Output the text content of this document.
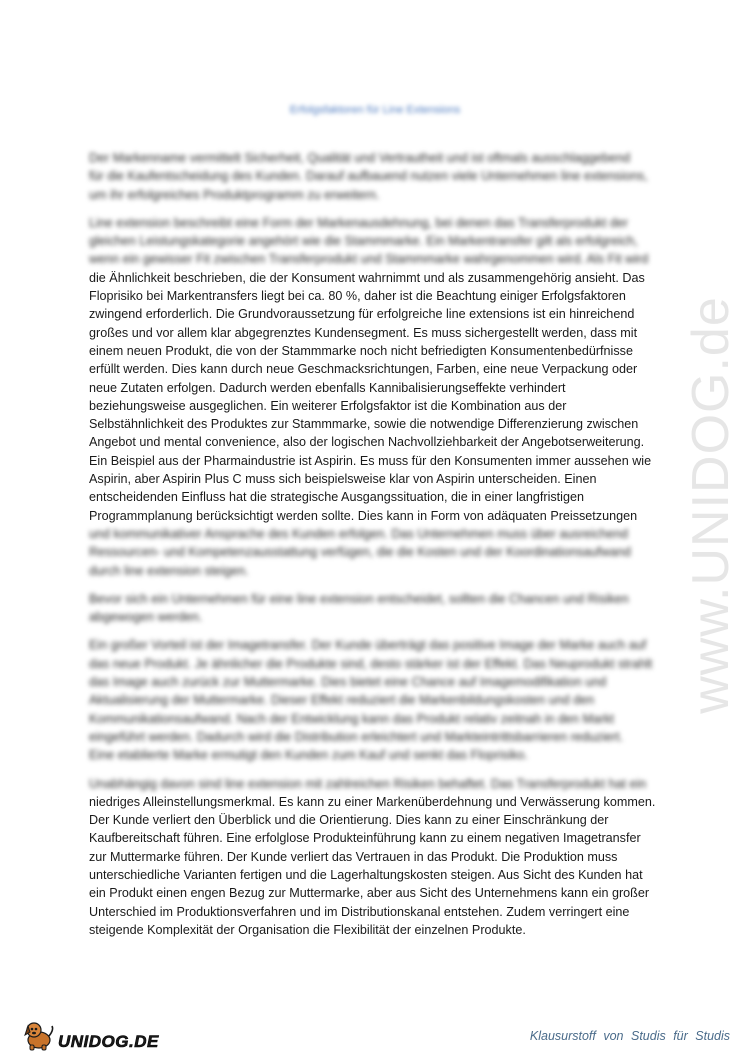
Erfolgsfaktoren für Line Extensions

Der Markenname vermittelt Sicherheit, Qualität und Vertrautheit und ist oftmals ausschlaggebend
für die Kaufentscheidung des Kunden. Darauf aufbauend nutzen viele Unternehmen line extensions,
um ihr erfolgreiches Produktprogramm zu erweitern.

Line extension beschreibt eine Form der Markenausdehnung, bei denen das Transferprodukt der
gleichen Leistungskategorie angehört wie die Stammmarke. Ein Markentransfer gilt als erfolgreich,
wenn ein gewisser Fit zwischen Transferprodukt und Stammmarke wahrgenommen wird. Als Fit wird
die Ähnlichkeit beschrieben, die der Konsument wahrnimmt und als zusammengehörig ansieht. Das
Floprisiko bei Markentransfers liegt bei ca. 80 %, daher ist die Beachtung einiger Erfolgsfaktoren
zwingend erforderlich. Die Grundvoraussetzung für erfolgreiche line extensions ist ein hinreichend
großes und vor allem klar abgegrenztes Kundensegment. Es muss sichergestellt werden, dass mit
einem neuen Produkt, die von der Stammmarke noch nicht befriedigten Konsumentenbedürfnisse
erfüllt werden. Dies kann durch neue Geschmacksrichtungen, Farben, eine neue Verpackung oder
neue Zutaten erfolgen. Dadurch werden ebenfalls Kannibalisierungseffekte verhindert
beziehungsweise ausgeglichen. Ein weiterer Erfolgsfaktor ist die Kombination aus der
Selbstähnlichkeit des Produktes zur Stammmarke, sowie die notwendige Differenzierung zwischen
Angebot und mental convenience, also der logischen Nachvollziehbarkeit der Angebotserweiterung.
Ein Beispiel aus der Pharmaindustrie ist Aspirin. Es muss für den Konsumenten immer aussehen wie
Aspirin, aber Aspirin Plus C muss sich beispielsweise klar von Aspirin unterscheiden. Einen
entscheidenden Einfluss hat die strategische Ausgangssituation, die in einer langfristigen
Programmplanung berücksichtigt werden sollte. Dies kann in Form von adäquaten Preissetzungen
und kommunikativer Ansprache des Kunden erfolgen. Das Unternehmen muss über ausreichend
Ressourcen- und Kompetenzausstattung verfügen, die die Kosten und der Koordinationsaufwand
durch line extension steigen.

Bevor sich ein Unternehmen für eine line extension entscheidet, sollten die Chancen und Risiken
abgewogen werden.

Ein großer Vorteil ist der Imagetransfer. Der Kunde überträgt das positive Image der Marke auch auf
das neue Produkt. Je ähnlicher die Produkte sind, desto stärker ist der Effekt. Das Neuprodukt strahlt
das Image auch zurück zur Muttermarke. Dies bietet eine Chance auf Imagemodifikation und
Aktualisierung der Muttermarke. Dieser Effekt reduziert die Markenbildungskosten und den
Kommunikationsaufwand. Nach der Entwicklung kann das Produkt relativ zeitnah in den Markt
eingeführt werden. Dadurch wird die Distribution erleichtert und Markteintrittsbarrieren reduziert.
Eine etablierte Marke ermutigt den Kunden zum Kauf und senkt das Floprisiko.

Unabhängig davon sind line extension mit zahlreichen Risiken behaftet. Das Transferprodukt hat ein
niedriges Alleinstellungsmerkmal. Es kann zu einer Markenüberdehnung und Verwässerung kommen.
Der Kunde verliert den Überblick und die Orientierung. Dies kann zu einer Einschränkung der
Kaufbereitschaft führen. Eine erfolglose Produkteinführung kann zu einem negativen Imagetransfer
zur Muttermarke führen. Der Kunde verliert das Vertrauen in das Produkt. Die Produktion muss
unterschiedliche Varianten fertigen und die Lagerhaltungskosten steigen. Aus Sicht des Kunden hat
ein Produkt einen engen Bezug zur Muttermarke, aber aus Sicht des Unternehmens kann ein großer
Unterschied im Produktionsverfahren und im Distributionskanal entstehen. Zudem verringert eine
steigende Komplexität der Organisation die Flexibilität der einzelnen Produkte.

www.UNIDOG.de
UNIDOG.DE	Klausurstoff von Studis für Studis
